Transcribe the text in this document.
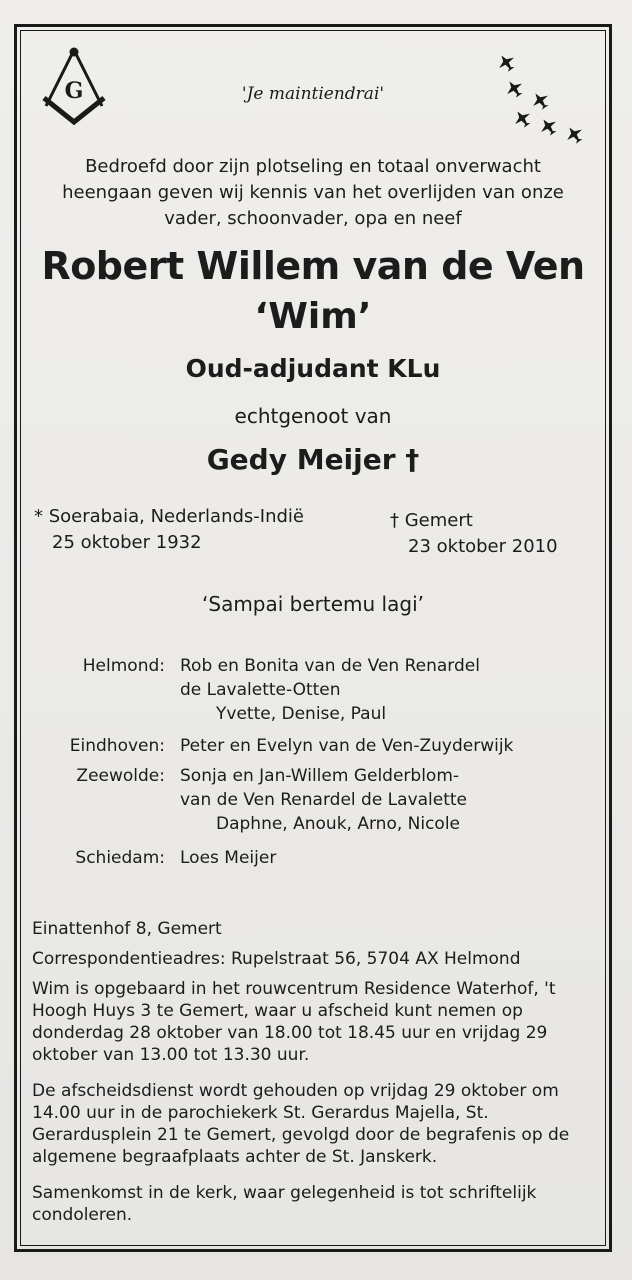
G	'Je maintiendrai'
Bedroefd door zijn plotseling en totaal onverwacht heengaan geven wij kennis van het overlijden van onze vader, schoonvader, opa en neef
Robert Willem van de Ven
‘Wim’
Oud-adjudant KLu
echtgenoot van
Gedy Meijer †
* Soerabaia, Nederlands-Indië
25 oktober 1932
† Gemert
23 oktober 2010
‘Sampai bertemu lagi’
Helmond: Rob en Bonita van de Ven Renardel
de Lavalette-Otten
Yvette, Denise, Paul
Eindhoven: Peter en Evelyn van de Ven-Zuyderwijk
Zeewolde: Sonja en Jan-Willem Gelderblom-
van de Ven Renardel de Lavalette
Daphne, Anouk, Arno, Nicole
Schiedam: Loes Meijer
Einattenhof 8, Gemert
Correspondentieadres: Rupelstraat 56, 5704 AX Helmond
Wim is opgebaard in het rouwcentrum Residence Waterhof, 't Hoogh Huys 3 te Gemert, waar u afscheid kunt nemen op donderdag 28 oktober van 18.00 tot 18.45 uur en vrijdag 29 oktober van 13.00 tot 13.30 uur.
De afscheidsdienst wordt gehouden op vrijdag 29 oktober om 14.00 uur in de parochiekerk St. Gerardus Majella, St. Gerardusplein 21 te Gemert, gevolgd door de begrafenis op de algemene begraafplaats achter de St. Janskerk.
Samenkomst in de kerk, waar gelegenheid is tot schriftelijk condoleren.
